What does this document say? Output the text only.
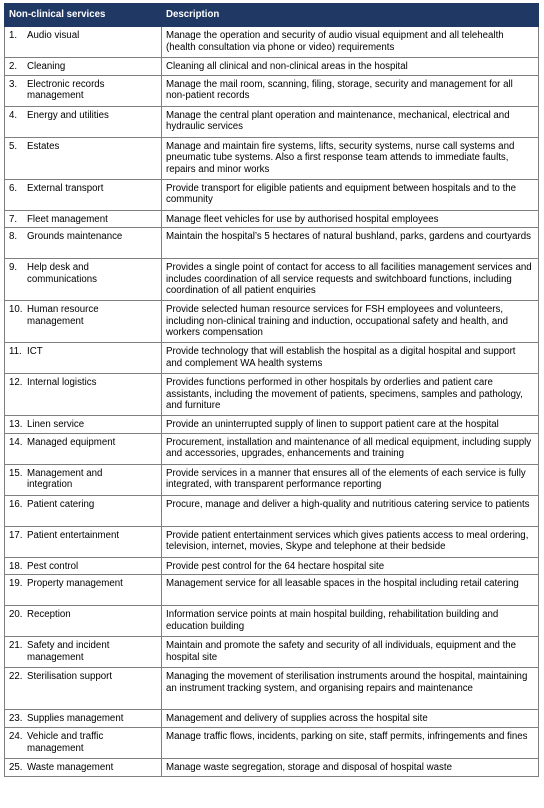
Non-clinical services	Description
1. Audio visual	Manage the operation and security of audio visual equipment and all telehealth (health consultation via phone or video) requirements
2. Cleaning	Cleaning all clinical and non-clinical areas in the hospital
3. Electronic records management	Manage the mail room, scanning, filing, storage, security and management for all non-patient records
4. Energy and utilities	Manage the central plant operation and maintenance, mechanical, electrical and hydraulic services
5. Estates	Manage and maintain fire systems, lifts, security systems, nurse call systems and pneumatic tube systems. Also a first response team attends to immediate faults, repairs and minor works
6. External transport	Provide transport for eligible patients and equipment between hospitals and to the community
7. Fleet management	Manage fleet vehicles for use by authorised hospital employees
8. Grounds maintenance	Maintain the hospital’s 5 hectares of natural bushland, parks, gardens and courtyards
9. Help desk and communications	Provides a single point of contact for access to all facilities management services and includes coordination of all service requests and switchboard functions, including coordination of all patient enquiries
10. Human resource management	Provide selected human resource services for FSH employees and volunteers, including non-clinical training and induction, occupational safety and health, and workers compensation
11. ICT	Provide technology that will establish the hospital as a digital hospital and support and complement WA health systems
12. Internal logistics	Provides functions performed in other hospitals by orderlies and patient care assistants, including the movement of patients, specimens, samples and pathology, and furniture
13. Linen service	Provide an uninterrupted supply of linen to support patient care at the hospital
14. Managed equipment	Procurement, installation and maintenance of all medical equipment, including supply and accessories, upgrades, enhancements and training
15. Management and integration	Provide services in a manner that ensures all of the elements of each service is fully integrated, with transparent performance reporting
16. Patient catering	Procure, manage and deliver a high-quality and nutritious catering service to patients
17. Patient entertainment	Provide patient entertainment services which gives patients access to meal ordering, television, internet, movies, Skype and telephone at their bedside
18. Pest control	Provide pest control for the 64 hectare hospital site
19. Property management	Management service for all leasable spaces in the hospital including retail catering
20. Reception	Information service points at main hospital building, rehabilitation building and education building
21. Safety and incident management	Maintain and promote the safety and security of all individuals, equipment and the hospital site
22. Sterilisation support	Managing the movement of sterilisation instruments around the hospital, maintaining an instrument tracking system, and organising repairs and maintenance
23. Supplies management	Management and delivery of supplies across the hospital site
24. Vehicle and traffic management	Manage traffic flows, incidents, parking on site, staff permits, infringements and fines
25. Waste management	Manage waste segregation, storage and disposal of hospital waste
